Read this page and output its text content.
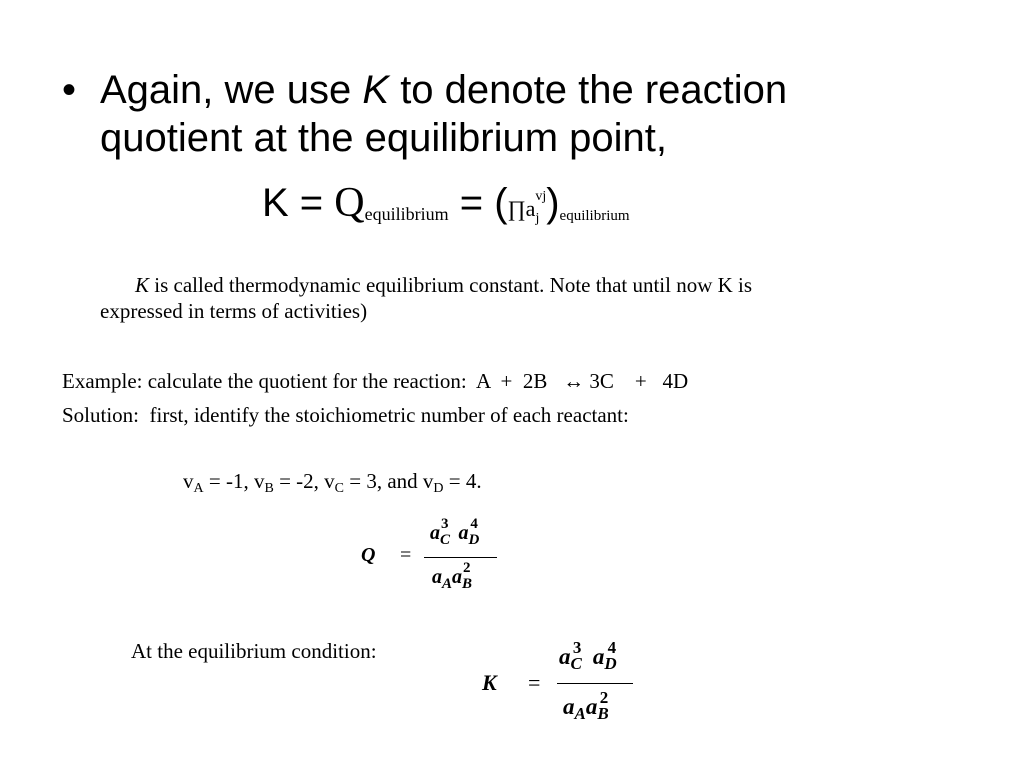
• Again, we use K to denote the reaction
quotient at the equilibrium point,
K = Qequilibrium = $(\prod aj^{vj})equilibrium$
K is called thermodynamic equilibrium constant. Note that until now K is
expressed in terms of activities)
Example: calculate the quotient for the reaction:  A  +  2B   ↔ 3C    +   4D
Solution:  first, identify the stoichiometric number of each reactant:
$v_A = -1$, $v_B = -2$, $v_C = 3$, and $v_D = 4$.
Q =
$a_C^3$ $a_D^4$
$a_Aa_B^2$
At the equilibrium condition:
K =
$a_C^3$ $a_D^4$
$a_Aa_B^2$
